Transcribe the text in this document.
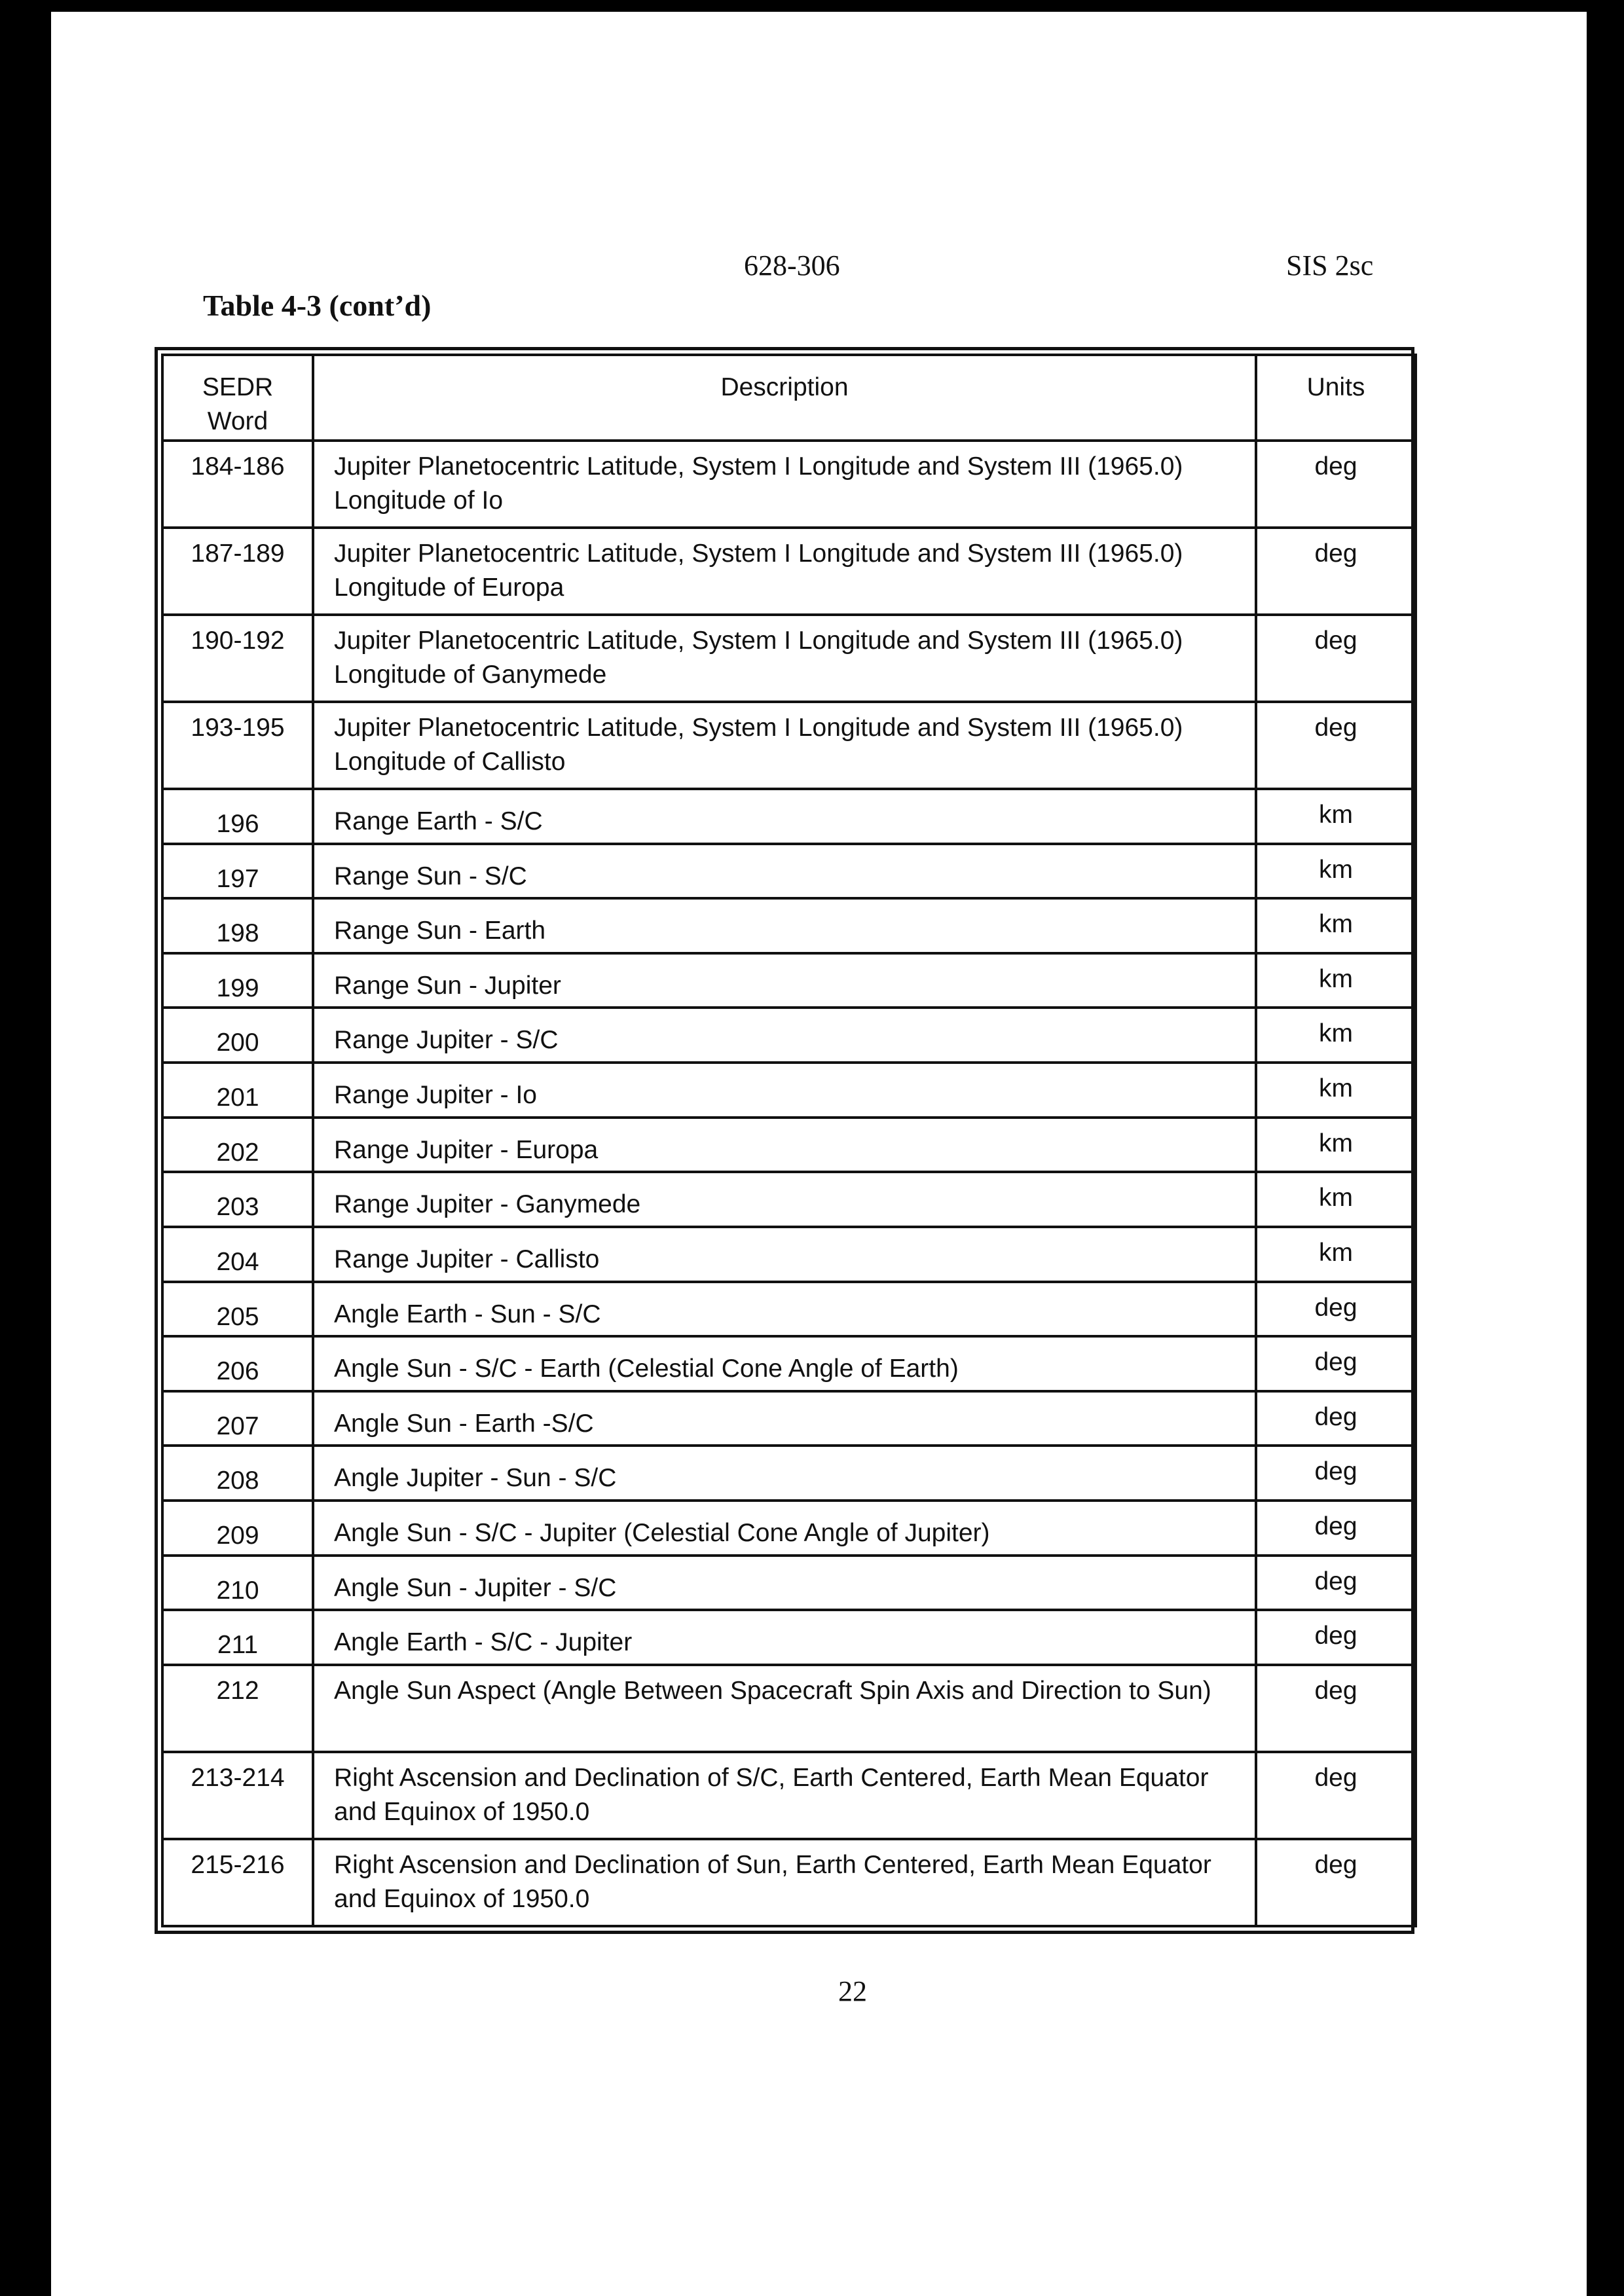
628-306	SIS 2sc
Table 4-3 (cont’d)
22
SEDR
Word	Description	Units
184-186	Jupiter Planetocentric Latitude, System I Longitude and System III (1965.0) Longitude of Io	deg
187-189	Jupiter Planetocentric Latitude, System I Longitude and System III (1965.0) Longitude of Europa	deg
190-192	Jupiter Planetocentric Latitude, System I Longitude and System III (1965.0) Longitude of Ganymede	deg
193-195	Jupiter Planetocentric Latitude, System I Longitude and System III (1965.0) Longitude of Callisto	deg
196	Range Earth - S/C	km
197	Range Sun - S/C	km
198	Range Sun - Earth	km
199	Range Sun - Jupiter	km
200	Range Jupiter - S/C	km
201	Range Jupiter - Io	km
202	Range Jupiter - Europa	km
203	Range Jupiter - Ganymede	km
204	Range Jupiter - Callisto	km
205	Angle Earth - Sun - S/C	deg
206	Angle Sun - S/C - Earth (Celestial Cone Angle of Earth)	deg
207	Angle Sun - Earth -S/C	deg
208	Angle Jupiter - Sun - S/C	deg
209	Angle Sun - S/C - Jupiter (Celestial Cone Angle of Jupiter)	deg
210	Angle Sun - Jupiter - S/C	deg
211	Angle Earth - S/C - Jupiter	deg
212	Angle Sun Aspect (Angle Between Spacecraft Spin Axis and Direction to Sun)	deg
213-214	Right Ascension and Declination of S/C, Earth Centered, Earth Mean Equator and Equinox of 1950.0	deg
215-216	Right Ascension and Declination of Sun, Earth Centered, Earth Mean Equator and Equinox of 1950.0	deg
